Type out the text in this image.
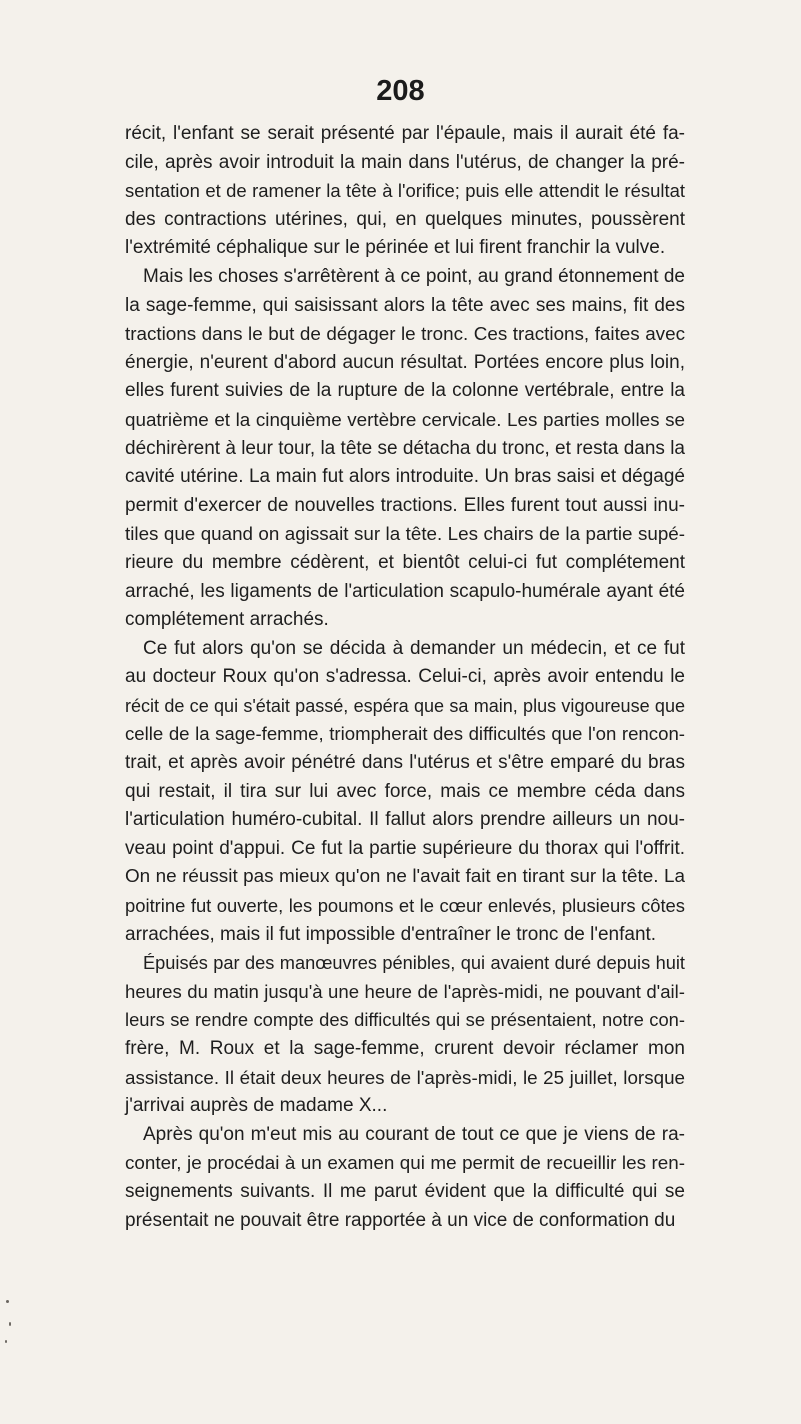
208
récit, l'enfant se serait présenté par l'épaule, mais il aurait été fa-
cile, après avoir introduit la main dans l'utérus, de changer la pré-
sentation et de ramener la tête à l'orifice; puis elle attendit le résultat
des contractions utérines, qui, en quelques minutes, poussèrent
l'extrémité céphalique sur le périnée et lui firent franchir la vulve.
Mais les choses s'arrêtèrent à ce point, au grand étonnement de
la sage-femme, qui saisissant alors la tête avec ses mains, fit des
tractions dans le but de dégager le tronc. Ces tractions, faites avec
énergie, n'eurent d'abord aucun résultat. Portées encore plus loin,
elles furent suivies de la rupture de la colonne vertébrale, entre la
quatrième et la cinquième vertèbre cervicale. Les parties molles se
déchirèrent à leur tour, la tête se détacha du tronc, et resta dans la
cavité utérine. La main fut alors introduite. Un bras saisi et dégagé
permit d'exercer de nouvelles tractions. Elles furent tout aussi inu-
tiles que quand on agissait sur la tête. Les chairs de la partie supé-
rieure du membre cédèrent, et bientôt celui-ci fut complétement
arraché, les ligaments de l'articulation scapulo-humérale ayant été
complétement arrachés.
Ce fut alors qu'on se décida à demander un médecin, et ce fut
au docteur Roux qu'on s'adressa. Celui-ci, après avoir entendu le
récit de ce qui s'était passé, espéra que sa main, plus vigoureuse que
celle de la sage-femme, triompherait des difficultés que l'on rencon-
trait, et après avoir pénétré dans l'utérus et s'être emparé du bras
qui restait, il tira sur lui avec force, mais ce membre céda dans
l'articulation huméro-cubital. Il fallut alors prendre ailleurs un nou-
veau point d'appui. Ce fut la partie supérieure du thorax qui l'offrit.
On ne réussit pas mieux qu'on ne l'avait fait en tirant sur la tête. La
poitrine fut ouverte, les poumons et le cœur enlevés, plusieurs côtes
arrachées, mais il fut impossible d'entraîner le tronc de l'enfant.
Épuisés par des manœuvres pénibles, qui avaient duré depuis huit
heures du matin jusqu'à une heure de l'après-midi, ne pouvant d'ail-
leurs se rendre compte des difficultés qui se présentaient, notre con-
frère, M. Roux et la sage-femme, crurent devoir réclamer mon
assistance. Il était deux heures de l'après-midi, le 25 juillet, lorsque
j'arrivai auprès de madame X...
Après qu'on m'eut mis au courant de tout ce que je viens de ra-
conter, je procédai à un examen qui me permit de recueillir les ren-
seignements suivants. Il me parut évident que la difficulté qui se
présentait ne pouvait être rapportée à un vice de conformation du
